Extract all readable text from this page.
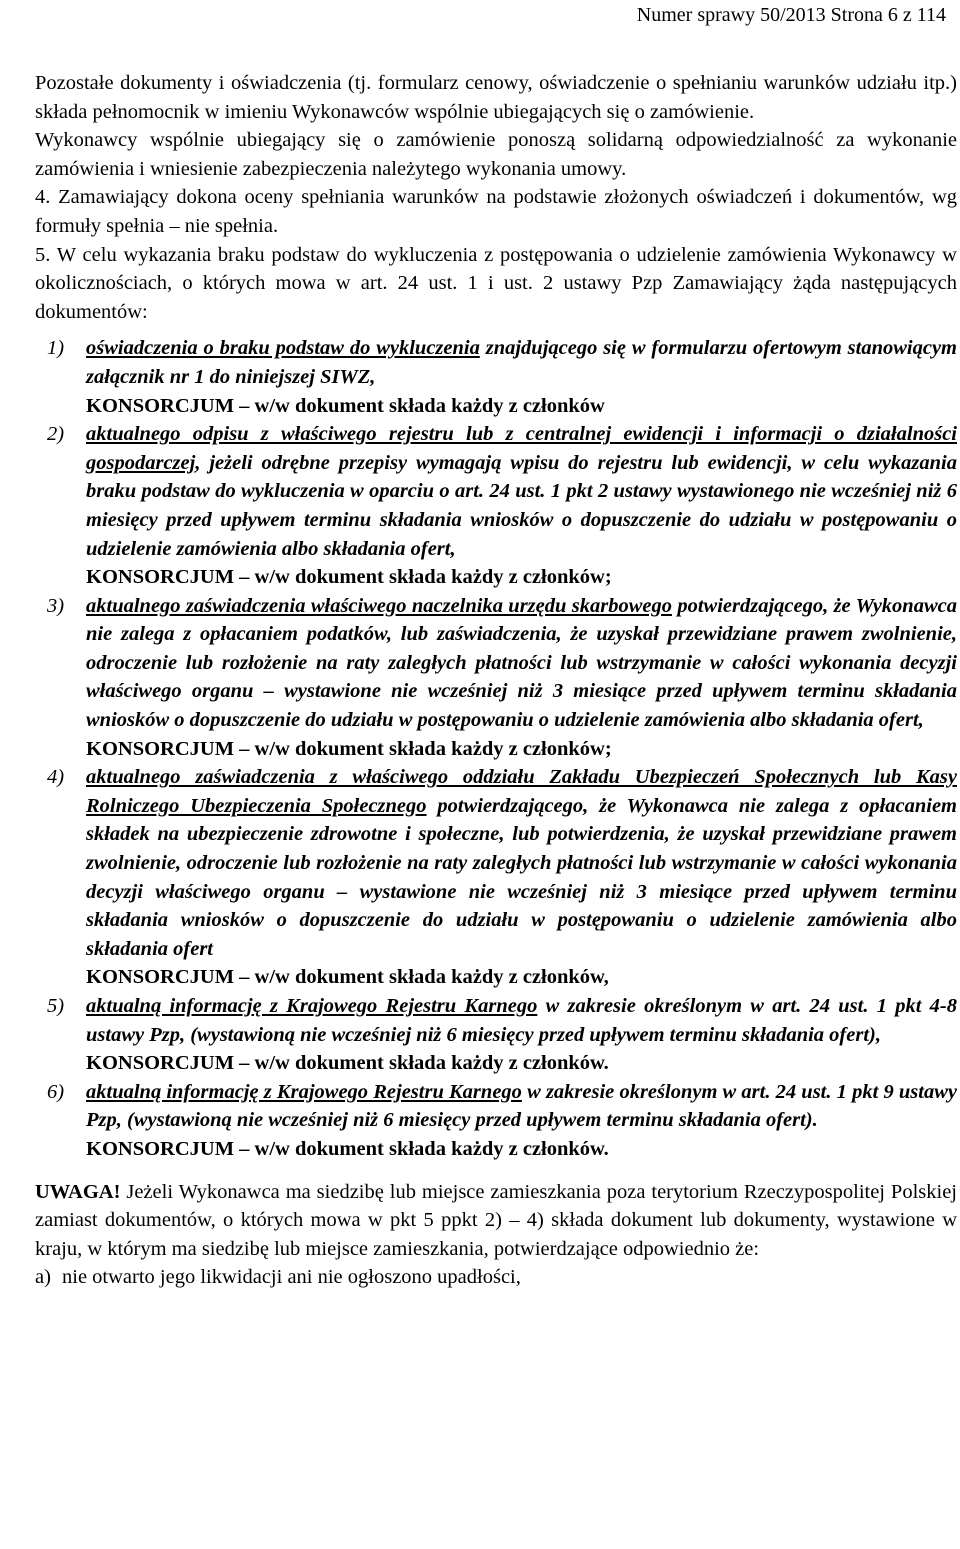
Numer sprawy 50/2013 Strona 6 z 114

Pozostałe dokumenty i oświadczenia (tj. formularz cenowy, oświadczenie o spełnianiu warunków udziału itp.) składa pełnomocnik w imieniu Wykonawców wspólnie ubiegających się o zamówienie.

Wykonawcy wspólnie ubiegający się o zamówienie ponoszą solidarną odpowiedzialność za wykonanie zamówienia i wniesienie zabezpieczenia należytego wykonania umowy.

4. Zamawiający dokona oceny spełniania warunków na podstawie złożonych oświadczeń i dokumentów, wg formuły spełnia – nie spełnia.

5. W celu wykazania braku podstaw do wykluczenia z postępowania o udzielenie zamówienia Wykonawcy w okolicznościach, o których mowa w art. 24 ust. 1 i ust. 2 ustawy Pzp Zamawiający żąda następujących dokumentów:

1) oświadczenia o braku podstaw do wykluczenia znajdującego się w formularzu ofertowym stanowiącym załącznik nr 1 do niniejszej SIWZ,
KONSORCJUM – w/w dokument składa każdy z członków
2) aktualnego odpisu z właściwego rejestru lub z centralnej ewidencji i informacji o działalności gospodarczej, jeżeli odrębne przepisy wymagają wpisu do rejestru lub ewidencji, w celu wykazania braku podstaw do wykluczenia w oparciu o art. 24 ust. 1 pkt 2 ustawy wystawionego nie wcześniej niż 6 miesięcy przed upływem terminu składania wniosków o dopuszczenie do udziału w postępowaniu o udzielenie zamówienia albo składania ofert,
KONSORCJUM – w/w dokument składa każdy z członków;
3) aktualnego zaświadczenia właściwego naczelnika urzędu skarbowego potwierdzającego, że Wykonawca nie zalega z opłacaniem podatków, lub zaświadczenia, że uzyskał przewidziane prawem zwolnienie, odroczenie lub rozłożenie na raty zaległych płatności lub wstrzymanie w całości wykonania decyzji właściwego organu – wystawione nie wcześniej niż 3 miesiące przed upływem terminu składania wniosków o dopuszczenie do udziału w postępowaniu o udzielenie zamówienia albo składania ofert,
KONSORCJUM – w/w dokument składa każdy z członków;
4) aktualnego zaświadczenia z właściwego oddziału Zakładu Ubezpieczeń Społecznych lub Kasy Rolniczego Ubezpieczenia Społecznego potwierdzającego, że Wykonawca nie zalega z opłacaniem składek na ubezpieczenie zdrowotne i społeczne, lub potwierdzenia, że uzyskał przewidziane prawem zwolnienie, odroczenie lub rozłożenie na raty zaległych płatności lub wstrzymanie w całości wykonania decyzji właściwego organu – wystawione nie wcześniej niż 3 miesiące przed upływem terminu składania wniosków o dopuszczenie do udziału w postępowaniu o udzielenie zamówienia albo składania ofert
KONSORCJUM – w/w dokument składa każdy z członków,
5) aktualną informację z Krajowego Rejestru Karnego w zakresie określonym w art. 24 ust. 1 pkt 4-8 ustawy Pzp, (wystawioną nie wcześniej niż 6 miesięcy przed upływem terminu składania ofert),
KONSORCJUM – w/w dokument składa każdy z członków.
6) aktualną informację z Krajowego Rejestru Karnego w zakresie określonym w art. 24 ust. 1 pkt 9 ustawy Pzp, (wystawioną nie wcześniej niż 6 miesięcy przed upływem terminu składania ofert).
KONSORCJUM – w/w dokument składa każdy z członków.

UWAGA! Jeżeli Wykonawca ma siedzibę lub miejsce zamieszkania poza terytorium Rzeczypospolitej Polskiej zamiast dokumentów, o których mowa w pkt 5 ppkt 2) – 4) składa dokument lub dokumenty, wystawione w kraju, w którym ma siedzibę lub miejsce zamieszkania, potwierdzające odpowiednio że:

a) nie otwarto jego likwidacji ani nie ogłoszono upadłości,
